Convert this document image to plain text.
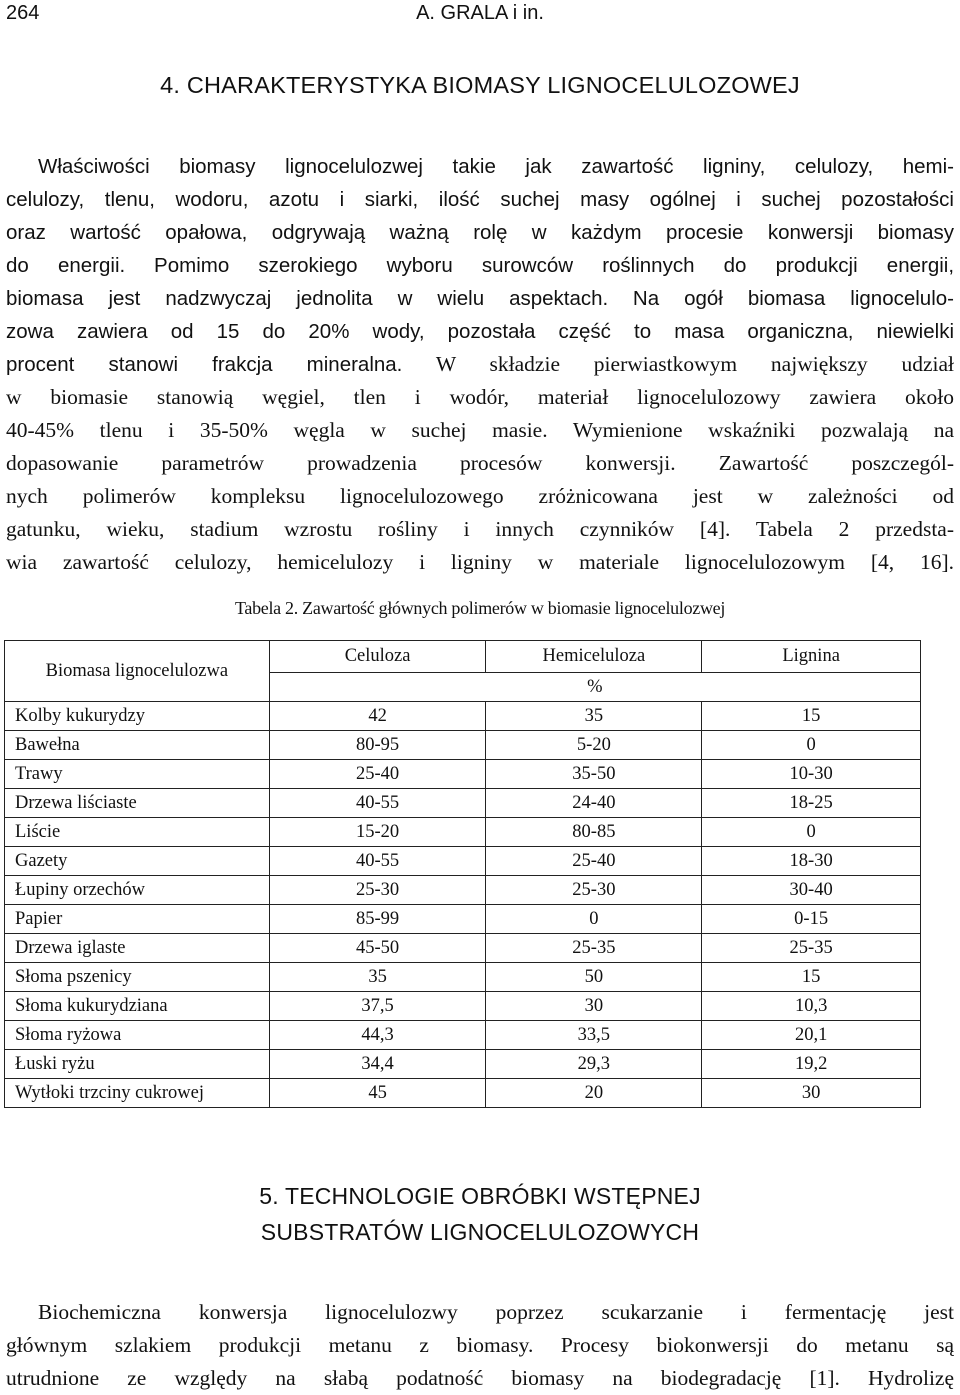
264	A. GRALA i in.
4. CHARAKTERYSTYKA BIOMASY LIGNOCELULOZOWEJ
Właściwości biomasy lignocelulozwej takie jak zawartość ligniny, celulozy, hemi-
celulozy, tlenu, wodoru, azotu i siarki, ilość suchej masy ogólnej i suchej pozostałości
oraz wartość opałowa, odgrywają ważną rolę w każdym procesie konwersji biomasy
do energii. Pomimo szerokiego wyboru surowców roślinnych do produkcji energii,
biomasa jest nadzwyczaj jednolita w wielu aspektach. Na ogół biomasa lignocelulo-
zowa zawiera od 15 do 20% wody, pozostała część to masa organiczna, niewielki
procent stanowi frakcja mineralna. W składzie pierwiastkowym największy udział
w biomasie stanowią węgiel, tlen i wodór, materiał lignocelulozowy zawiera około
40-45% tlenu i 35-50% węgla w suchej masie. Wymienione wskaźniki pozwalają na
dopasowanie parametrów prowadzenia procesów konwersji. Zawartość poszczegól-
nych polimerów kompleksu lignocelulozowego zróżnicowana jest w zależności od
gatunku, wieku, stadium wzrostu rośliny i innych czynników [4]. Tabela 2 przedsta-
wia zawartość celulozy, hemicelulozy i ligniny w materiale lignocelulozowym [4, 16].
Tabela 2. Zawartość głównych polimerów w biomasie lignocelulozwej
Biomasa lignocelulozwa	Celuloza	Hemiceluloza	Lignina
	%		
Kolby kukurydzy	42	35	15
Bawełna	80-95	5-20	0
Trawy	25-40	35-50	10-30
Drzewa liściaste	40-55	24-40	18-25
Liście	15-20	80-85	0
Gazety	40-55	25-40	18-30
Łupiny orzechów	25-30	25-30	30-40
Papier	85-99	0	0-15
Drzewa iglaste	45-50	25-35	25-35
Słoma pszenicy	35	50	15
Słoma kukurydziana	37,5	30	10,3
Słoma ryżowa	44,3	33,5	20,1
Łuski ryżu	34,4	29,3	19,2
Wytłoki trzciny cukrowej	45	20	30
5. TECHNOLOGIE OBRÓBKI WSTĘPNEJ
SUBSTRATÓW LIGNOCELULOZOWYCH
Biochemiczna konwersja lignocelulozwy poprzez scukarzanie i fermentację jest
głównym szlakiem produkcji metanu z biomasy. Procesy biokonwersji do metanu są
utrudnione ze względy na słabą podatność biomasy na biodegradację [1]. Hydrolizę
